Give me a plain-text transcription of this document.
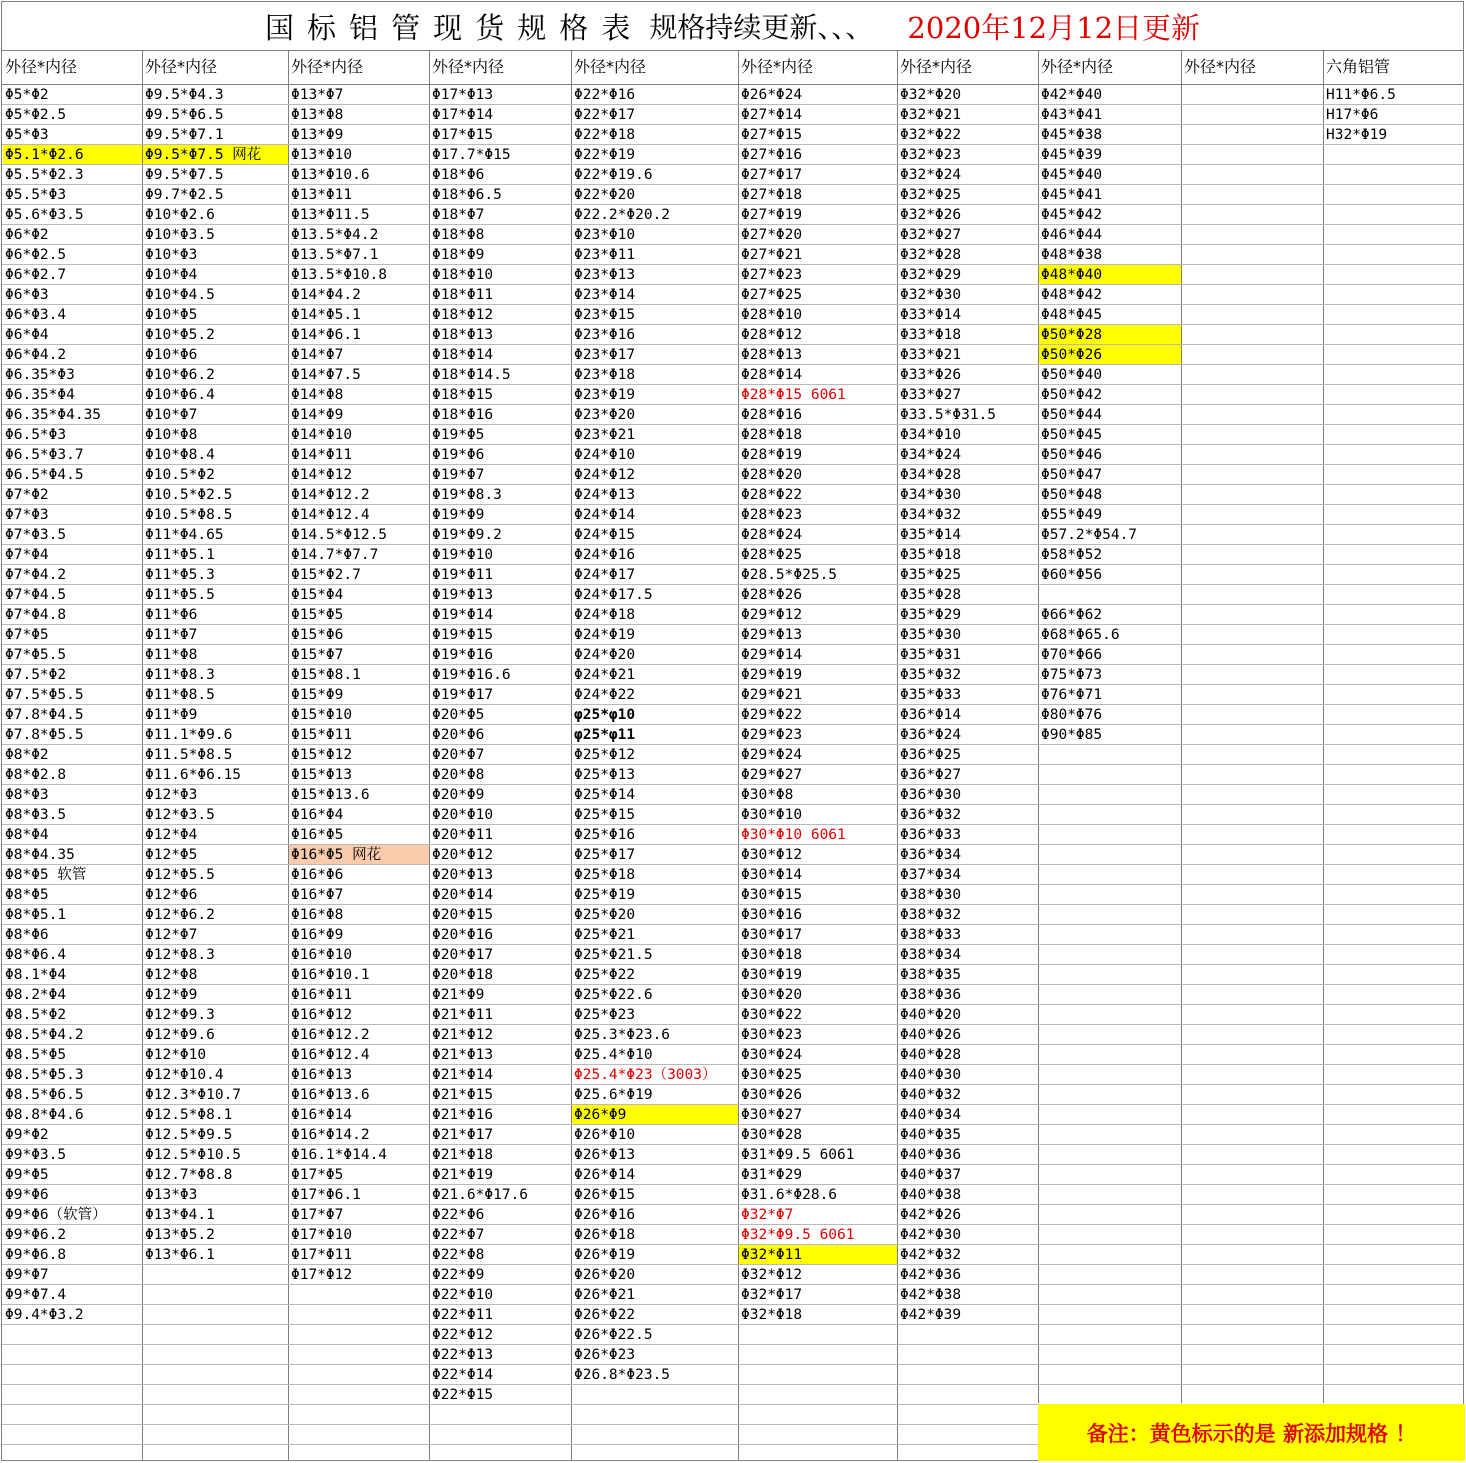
国标铝管现货规格表 规格持续更新、、、 2020年12月12日更新
外径*内径
Φ5*Φ2
Φ5*Φ2.5
Φ5*Φ3
Φ5.1*Φ2.6
Φ5.5*Φ2.3
Φ5.5*Φ3
Φ5.6*Φ3.5
Φ6*Φ2
Φ6*Φ2.5
Φ6*Φ2.7
Φ6*Φ3
Φ6*Φ3.4
Φ6*Φ4
Φ6*Φ4.2
Φ6.35*Φ3
Φ6.35*Φ4
Φ6.35*Φ4.35
Φ6.5*Φ3
Φ6.5*Φ3.7
Φ6.5*Φ4.5
Φ7*Φ2
Φ7*Φ3
Φ7*Φ3.5
Φ7*Φ4
Φ7*Φ4.2
Φ7*Φ4.5
Φ7*Φ4.8
Φ7*Φ5
Φ7*Φ5.5
Φ7.5*Φ2
Φ7.5*Φ5.5
Φ7.8*Φ4.5
Φ7.8*Φ5.5
Φ8*Φ2
Φ8*Φ2.8
Φ8*Φ3
Φ8*Φ3.5
Φ8*Φ4
Φ8*Φ4.35
Φ8*Φ5 软管
Φ8*Φ5
Φ8*Φ5.1
Φ8*Φ6
Φ8*Φ6.4
Φ8.1*Φ4
Φ8.2*Φ4
Φ8.5*Φ2
Φ8.5*Φ4.2
Φ8.5*Φ5
Φ8.5*Φ5.3
Φ8.5*Φ6.5
Φ8.8*Φ4.6
Φ9*Φ2
Φ9*Φ3.5
Φ9*Φ5
Φ9*Φ6
Φ9*Φ6（软管）
Φ9*Φ6.2
Φ9*Φ6.8
Φ9*Φ7
Φ9*Φ7.4
Φ9.4*Φ3.2
外径*内径
Φ9.5*Φ4.3
Φ9.5*Φ6.5
Φ9.5*Φ7.1
Φ9.5*Φ7.5 网花
Φ9.5*Φ7.5
Φ9.7*Φ2.5
Φ10*Φ2.6
Φ10*Φ3.5
Φ10*Φ3
Φ10*Φ4
Φ10*Φ4.5
Φ10*Φ5
Φ10*Φ5.2
Φ10*Φ6
Φ10*Φ6.2
Φ10*Φ6.4
Φ10*Φ7
Φ10*Φ8
Φ10*Φ8.4
Φ10.5*Φ2
Φ10.5*Φ2.5
Φ10.5*Φ8.5
Φ11*Φ4.65
Φ11*Φ5.1
Φ11*Φ5.3
Φ11*Φ5.5
Φ11*Φ6
Φ11*Φ7
Φ11*Φ8
Φ11*Φ8.3
Φ11*Φ8.5
Φ11*Φ9
Φ11.1*Φ9.6
Φ11.5*Φ8.5
Φ11.6*Φ6.15
Φ12*Φ3
Φ12*Φ3.5
Φ12*Φ4
Φ12*Φ5
Φ12*Φ5.5
Φ12*Φ6
Φ12*Φ6.2
Φ12*Φ7
Φ12*Φ8.3
Φ12*Φ8
Φ12*Φ9
Φ12*Φ9.3
Φ12*Φ9.6
Φ12*Φ10
Φ12*Φ10.4
Φ12.3*Φ10.7
Φ12.5*Φ8.1
Φ12.5*Φ9.5
Φ12.5*Φ10.5
Φ12.7*Φ8.8
Φ13*Φ3
Φ13*Φ4.1
Φ13*Φ5.2
Φ13*Φ6.1
外径*内径
Φ13*Φ7
Φ13*Φ8
Φ13*Φ9
Φ13*Φ10
Φ13*Φ10.6
Φ13*Φ11
Φ13*Φ11.5
Φ13.5*Φ4.2
Φ13.5*Φ7.1
Φ13.5*Φ10.8
Φ14*Φ4.2
Φ14*Φ5.1
Φ14*Φ6.1
Φ14*Φ7
Φ14*Φ7.5
Φ14*Φ8
Φ14*Φ9
Φ14*Φ10
Φ14*Φ11
Φ14*Φ12
Φ14*Φ12.2
Φ14*Φ12.4
Φ14.5*Φ12.5
Φ14.7*Φ7.7
Φ15*Φ2.7
Φ15*Φ4
Φ15*Φ5
Φ15*Φ6
Φ15*Φ7
Φ15*Φ8.1
Φ15*Φ9
Φ15*Φ10
Φ15*Φ11
Φ15*Φ12
Φ15*Φ13
Φ15*Φ13.6
Φ16*Φ4
Φ16*Φ5
Φ16*Φ5 网花
Φ16*Φ6
Φ16*Φ7
Φ16*Φ8
Φ16*Φ9
Φ16*Φ10
Φ16*Φ10.1
Φ16*Φ11
Φ16*Φ12
Φ16*Φ12.2
Φ16*Φ12.4
Φ16*Φ13
Φ16*Φ13.6
Φ16*Φ14
Φ16*Φ14.2
Φ16.1*Φ14.4
Φ17*Φ5
Φ17*Φ6.1
Φ17*Φ7
Φ17*Φ10
Φ17*Φ11
Φ17*Φ12
外径*内径
Φ17*Φ13
Φ17*Φ14
Φ17*Φ15
Φ17.7*Φ15
Φ18*Φ6
Φ18*Φ6.5
Φ18*Φ7
Φ18*Φ8
Φ18*Φ9
Φ18*Φ10
Φ18*Φ11
Φ18*Φ12
Φ18*Φ13
Φ18*Φ14
Φ18*Φ14.5
Φ18*Φ15
Φ18*Φ16
Φ19*Φ5
Φ19*Φ6
Φ19*Φ7
Φ19*Φ8.3
Φ19*Φ9
Φ19*Φ9.2
Φ19*Φ10
Φ19*Φ11
Φ19*Φ13
Φ19*Φ14
Φ19*Φ15
Φ19*Φ16
Φ19*Φ16.6
Φ19*Φ17
Φ20*Φ5
Φ20*Φ6
Φ20*Φ7
Φ20*Φ8
Φ20*Φ9
Φ20*Φ10
Φ20*Φ11
Φ20*Φ12
Φ20*Φ13
Φ20*Φ14
Φ20*Φ15
Φ20*Φ16
Φ20*Φ17
Φ20*Φ18
Φ21*Φ9
Φ21*Φ11
Φ21*Φ12
Φ21*Φ13
Φ21*Φ14
Φ21*Φ15
Φ21*Φ16
Φ21*Φ17
Φ21*Φ18
Φ21*Φ19
Φ21.6*Φ17.6
Φ22*Φ6
Φ22*Φ7
Φ22*Φ8
Φ22*Φ9
Φ22*Φ10
Φ22*Φ11
Φ22*Φ12
Φ22*Φ13
Φ22*Φ14
Φ22*Φ15
外径*内径
Φ22*Φ16
Φ22*Φ17
Φ22*Φ18
Φ22*Φ19
Φ22*Φ19.6
Φ22*Φ20
Φ22.2*Φ20.2
Φ23*Φ10
Φ23*Φ11
Φ23*Φ13
Φ23*Φ14
Φ23*Φ15
Φ23*Φ16
Φ23*Φ17
Φ23*Φ18
Φ23*Φ19
Φ23*Φ20
Φ23*Φ21
Φ24*Φ10
Φ24*Φ12
Φ24*Φ13
Φ24*Φ14
Φ24*Φ15
Φ24*Φ16
Φ24*Φ17
Φ24*Φ17.5
Φ24*Φ18
Φ24*Φ19
Φ24*Φ20
Φ24*Φ21
Φ24*Φ22
φ25*φ10
φ25*φ11
Φ25*Φ12
Φ25*Φ13
Φ25*Φ14
Φ25*Φ15
Φ25*Φ16
Φ25*Φ17
Φ25*Φ18
Φ25*Φ19
Φ25*Φ20
Φ25*Φ21
Φ25*Φ21.5
Φ25*Φ22
Φ25*Φ22.6
Φ25*Φ23
Φ25.3*Φ23.6
Φ25.4*Φ10
Φ25.4*Φ23（3003）
Φ25.6*Φ19
Φ26*Φ9
Φ26*Φ10
Φ26*Φ13
Φ26*Φ14
Φ26*Φ15
Φ26*Φ16
Φ26*Φ18
Φ26*Φ19
Φ26*Φ20
Φ26*Φ21
Φ26*Φ22
Φ26*Φ22.5
Φ26*Φ23
Φ26.8*Φ23.5
外径*内径
Φ26*Φ24
Φ27*Φ14
Φ27*Φ15
Φ27*Φ16
Φ27*Φ17
Φ27*Φ18
Φ27*Φ19
Φ27*Φ20
Φ27*Φ21
Φ27*Φ23
Φ27*Φ25
Φ28*Φ10
Φ28*Φ12
Φ28*Φ13
Φ28*Φ14
Φ28*Φ15 6061
Φ28*Φ16
Φ28*Φ18
Φ28*Φ19
Φ28*Φ20
Φ28*Φ22
Φ28*Φ23
Φ28*Φ24
Φ28*Φ25
Φ28.5*Φ25.5
Φ28*Φ26
Φ29*Φ12
Φ29*Φ13
Φ29*Φ14
Φ29*Φ19
Φ29*Φ21
Φ29*Φ22
Φ29*Φ23
Φ29*Φ24
Φ29*Φ27
Φ30*Φ8
Φ30*Φ10
Φ30*Φ10 6061
Φ30*Φ12
Φ30*Φ14
Φ30*Φ15
Φ30*Φ16
Φ30*Φ17
Φ30*Φ18
Φ30*Φ19
Φ30*Φ20
Φ30*Φ22
Φ30*Φ23
Φ30*Φ24
Φ30*Φ25
Φ30*Φ26
Φ30*Φ27
Φ30*Φ28
Φ31*Φ9.5 6061
Φ31*Φ29
Φ31.6*Φ28.6
Φ32*Φ7
Φ32*Φ9.5 6061
Φ32*Φ11
Φ32*Φ12
Φ32*Φ17
Φ32*Φ18
外径*内径
Φ32*Φ20
Φ32*Φ21
Φ32*Φ22
Φ32*Φ23
Φ32*Φ24
Φ32*Φ25
Φ32*Φ26
Φ32*Φ27
Φ32*Φ28
Φ32*Φ29
Φ32*Φ30
Φ33*Φ14
Φ33*Φ18
Φ33*Φ21
Φ33*Φ26
Φ33*Φ27
Φ33.5*Φ31.5
Φ34*Φ10
Φ34*Φ24
Φ34*Φ28
Φ34*Φ30
Φ34*Φ32
Φ35*Φ14
Φ35*Φ18
Φ35*Φ25
Φ35*Φ28
Φ35*Φ29
Φ35*Φ30
Φ35*Φ31
Φ35*Φ32
Φ35*Φ33
Φ36*Φ14
Φ36*Φ24
Φ36*Φ25
Φ36*Φ27
Φ36*Φ30
Φ36*Φ32
Φ36*Φ33
Φ36*Φ34
Φ37*Φ34
Φ38*Φ30
Φ38*Φ32
Φ38*Φ33
Φ38*Φ34
Φ38*Φ35
Φ38*Φ36
Φ40*Φ20
Φ40*Φ26
Φ40*Φ28
Φ40*Φ30
Φ40*Φ32
Φ40*Φ34
Φ40*Φ35
Φ40*Φ36
Φ40*Φ37
Φ40*Φ38
Φ42*Φ26
Φ42*Φ30
Φ42*Φ32
Φ42*Φ36
Φ42*Φ38
Φ42*Φ39
外径*内径
Φ42*Φ40
Φ43*Φ41
Φ45*Φ38
Φ45*Φ39
Φ45*Φ40
Φ45*Φ41
Φ45*Φ42
Φ46*Φ44
Φ48*Φ38
Φ48*Φ40
Φ48*Φ42
Φ48*Φ45
Φ50*Φ28
Φ50*Φ26
Φ50*Φ40
Φ50*Φ42
Φ50*Φ44
Φ50*Φ45
Φ50*Φ46
Φ50*Φ47
Φ50*Φ48
Φ55*Φ49
Φ57.2*Φ54.7
Φ58*Φ52
Φ60*Φ56
Φ66*Φ62
Φ68*Φ65.6
Φ70*Φ66
Φ75*Φ73
Φ76*Φ71
Φ80*Φ76
Φ90*Φ85
外径*内径	六角铝管
H11*Φ6.5
H17*Φ6
H32*Φ19
备注：黄色标示的是 新添加规格 ！
